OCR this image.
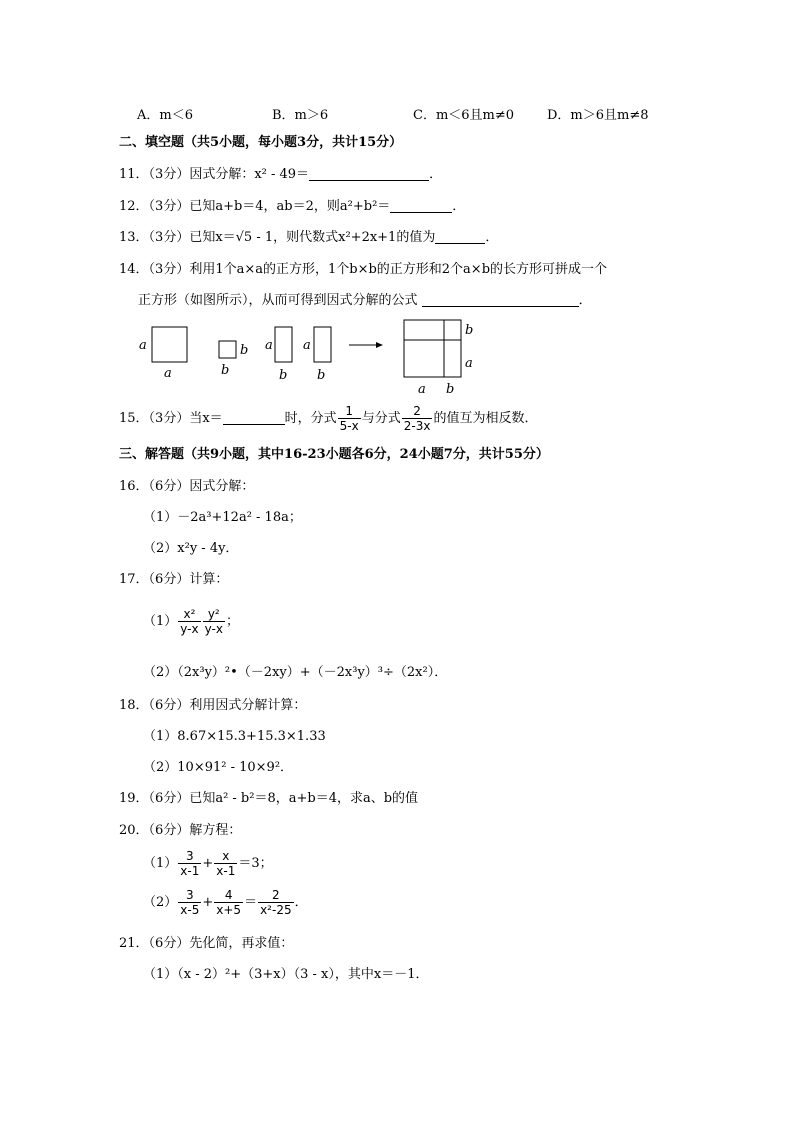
A．m＜6	B．m＞6	C．m＜6且m≠0	D．m＞6且m≠8
二、填空题（共5小题，每小题3分，共计15分）
11．（3分）因式分解：x² - 49＝	．
12．（3分）已知a+b＝4，ab＝2，则a²+b²＝	．
13．（3分）已知x＝√5 - 1，则代数式x²+2x+1的值为	．
14．（3分）利用1个a×a的正方形，1个b×b的正方形和2个a×b的长方形可拼成一个
正方形（如图所示），从而可得到因式分解的公式	．
a
a
b
b
a
b
a
b
b
a
a b
15．（3分）当x＝	时，分式 $\frac{1}{5-x}$ 与分式 $\frac{2}{2-3x}$ 的值互为相反数．
三、解答题（共9小题，其中16-23小题各6分，24小题7分，共计55分）
16．（6分）因式分解：
（1）－2a³+12a² - 18a；
（2）x²y - 4y．
17．（6分）计算：
$(1) \frac{\text{x²}}{y-x} \frac{\text{y²}}{y-x}$ ；
（2）（2x³y）²•（－2xy）+（－2x³y）³÷（2x²）．
18．（6分）利用因式分解计算：
（1）8.67×15.3+15.3×1.33
（2）10×91² - 10×9²．
19．（6分）已知a² - b²＝8，a+b＝4，求a、b的值
20．（6分）解方程：
$(1) \frac{3}{x-1} + \frac{x}{x-1} =3$；
$(2) \frac{3}{x-5} + \frac{4}{x+5} = \frac{2}{\text{x²-25}}$ ．
21．（6分）先化简，再求值：
（1）（x - 2）²+（3+x）（3 - x），其中x＝－1．
